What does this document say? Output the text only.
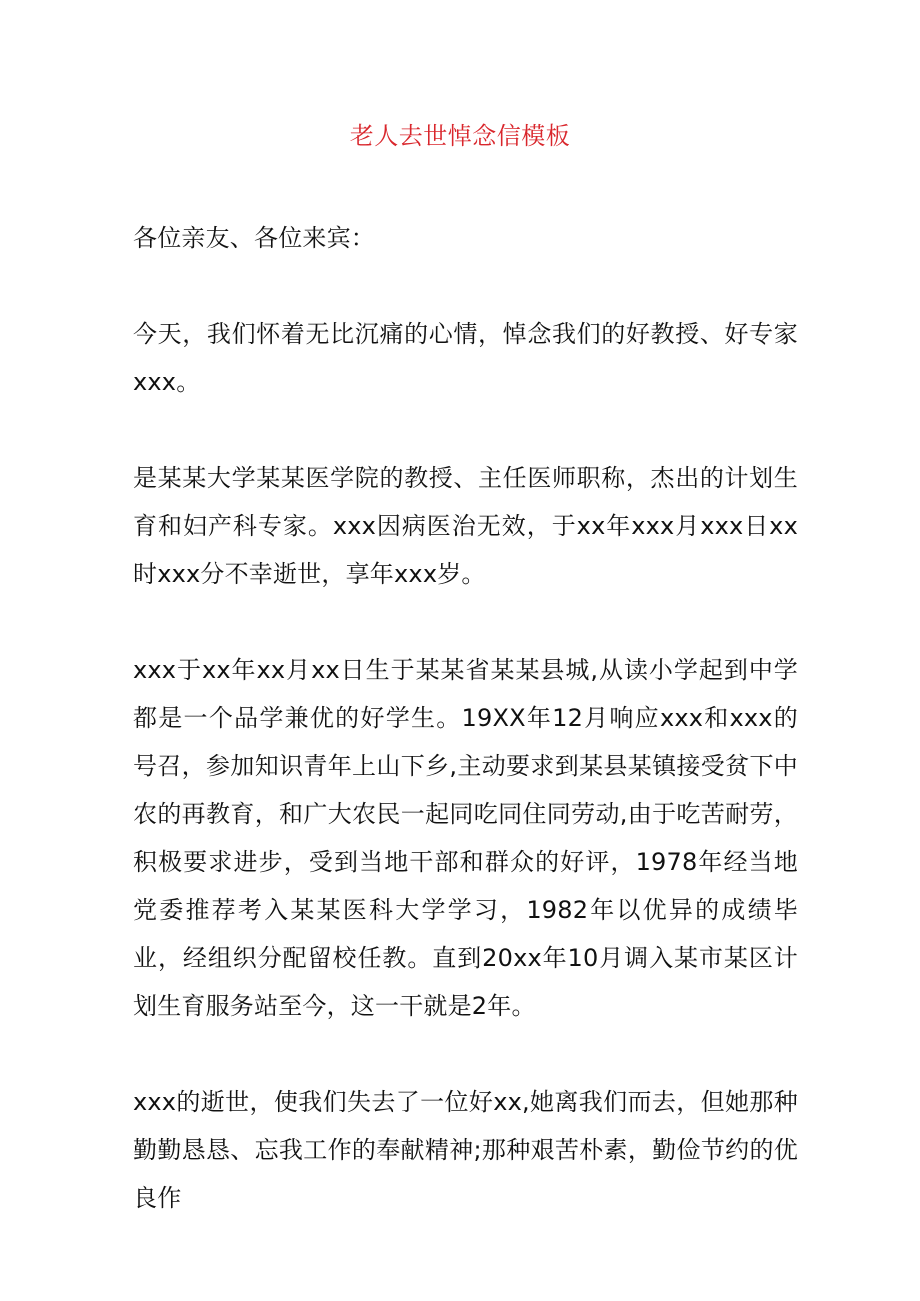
老人去世悼念信模板

各位亲友、各位来宾：

今天，我们怀着无比沉痛的心情，悼念我们的好教授、好专家xxx。

是某某大学某某医学院的教授、主任医师职称，杰出的计划生育和妇产科专家。xxx因病医治无效，于xx年xxx月xxx日xx时xxx分不幸逝世，享年xxx岁。

xxx于xx年xx月xx日生于某某省某某县城,从读小学起到中学都是一个品学兼优的好学生。19XX年12月响应xxx和xxx的号召，参加知识青年上山下乡,主动要求到某县某镇接受贫下中农的再教育，和广大农民一起同吃同住同劳动,由于吃苦耐劳，积极要求进步，受到当地干部和群众的好评，1978年经当地党委推荐考入某某医科大学学习，1982年以优异的成绩毕业，经组织分配留校任教。直到20xx年10月调入某市某区计划生育服务站至今，这一干就是2年。

xxx的逝世，使我们失去了一位好xx,她离我们而去，但她那种勤勤恳恳、忘我工作的奉献精神;那种艰苦朴素，勤俭节约的优良作
